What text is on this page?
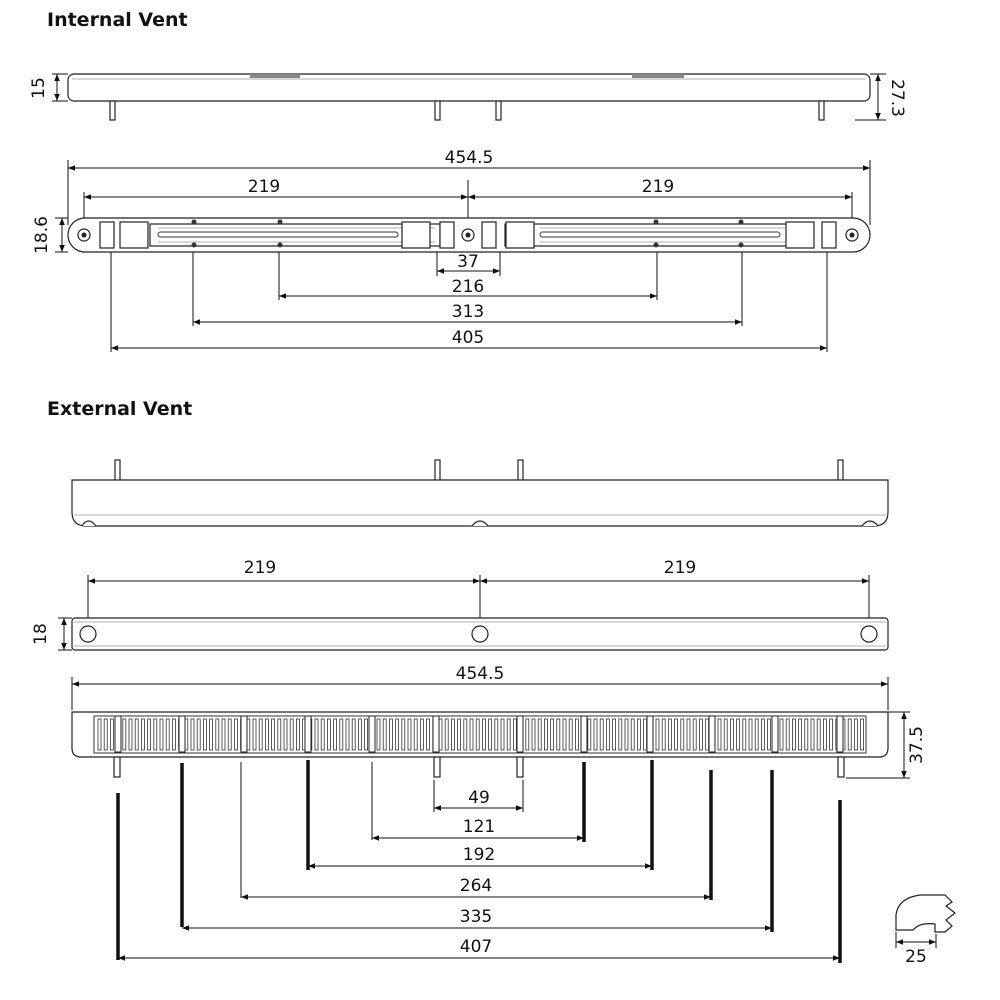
Internal Vent
External Vent
15	27.3
454.5
219	219
18.6
37
216
313
405
219	219
18
454.5
37.5
49
121
192
264
335
407	25
